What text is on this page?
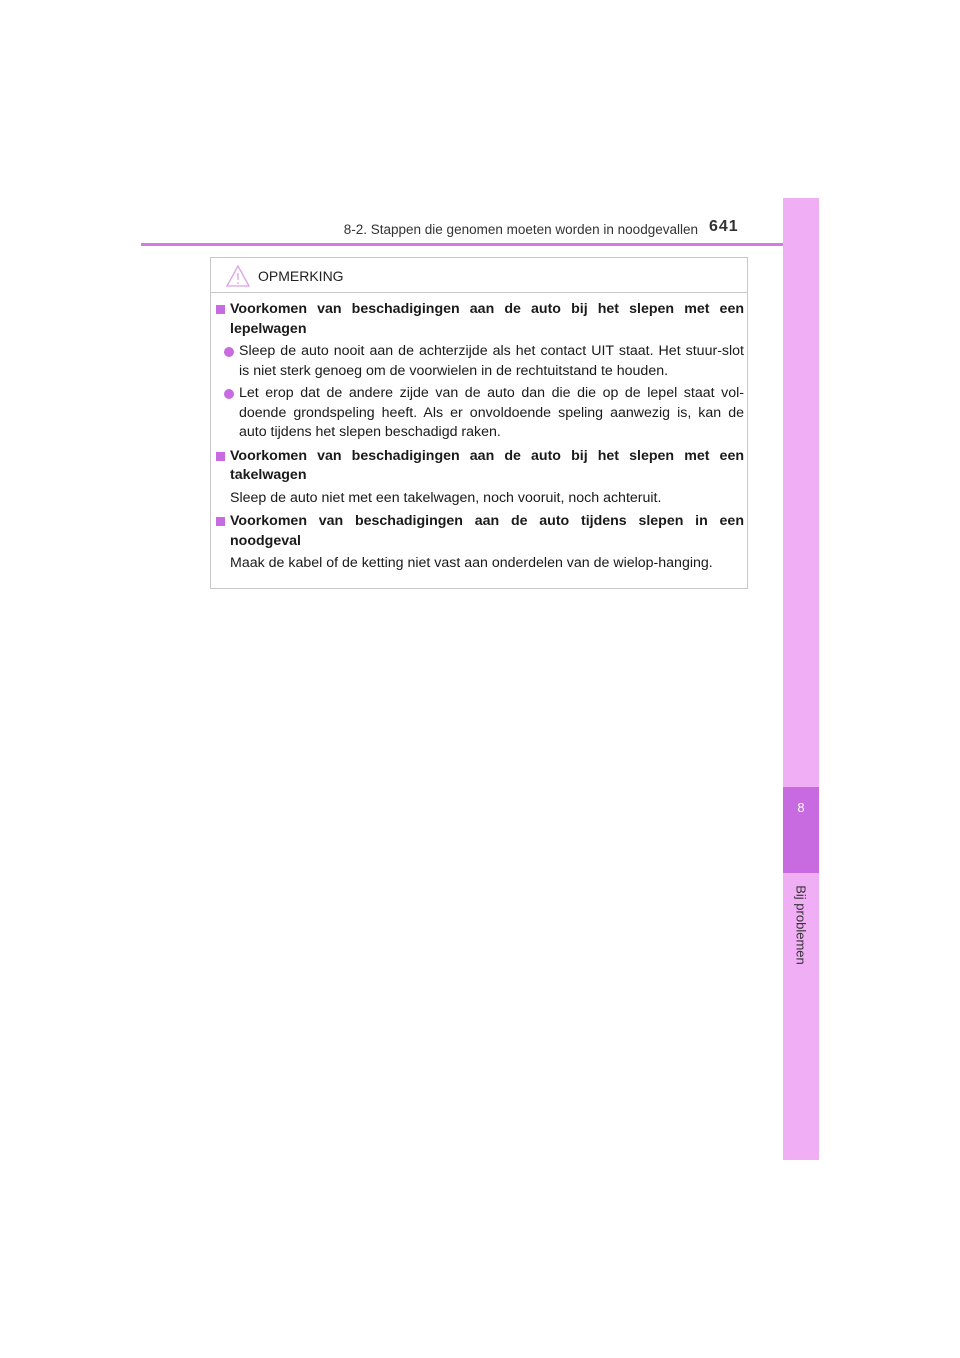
8-2. Stappen die genomen moeten worden in noodgevallen 641
8
Bij problemen
OPMERKING
Voorkomen van beschadigingen aan de auto bij het slepen met een lepelwagen
Sleep de auto nooit aan de achterzijde als het contact UIT staat. Het stuur-slot is niet sterk genoeg om de voorwielen in de rechtuitstand te houden.
Let erop dat de andere zijde van de auto dan die die op de lepel staat vol-doende grondspeling heeft. Als er onvoldoende speling aanwezig is, kan de auto tijdens het slepen beschadigd raken.
Voorkomen van beschadigingen aan de auto bij het slepen met een takelwagen
Sleep de auto niet met een takelwagen, noch vooruit, noch achteruit.
Voorkomen van beschadigingen aan de auto tijdens slepen in een noodgeval
Maak de kabel of de ketting niet vast aan onderdelen van de wielop-hanging.
